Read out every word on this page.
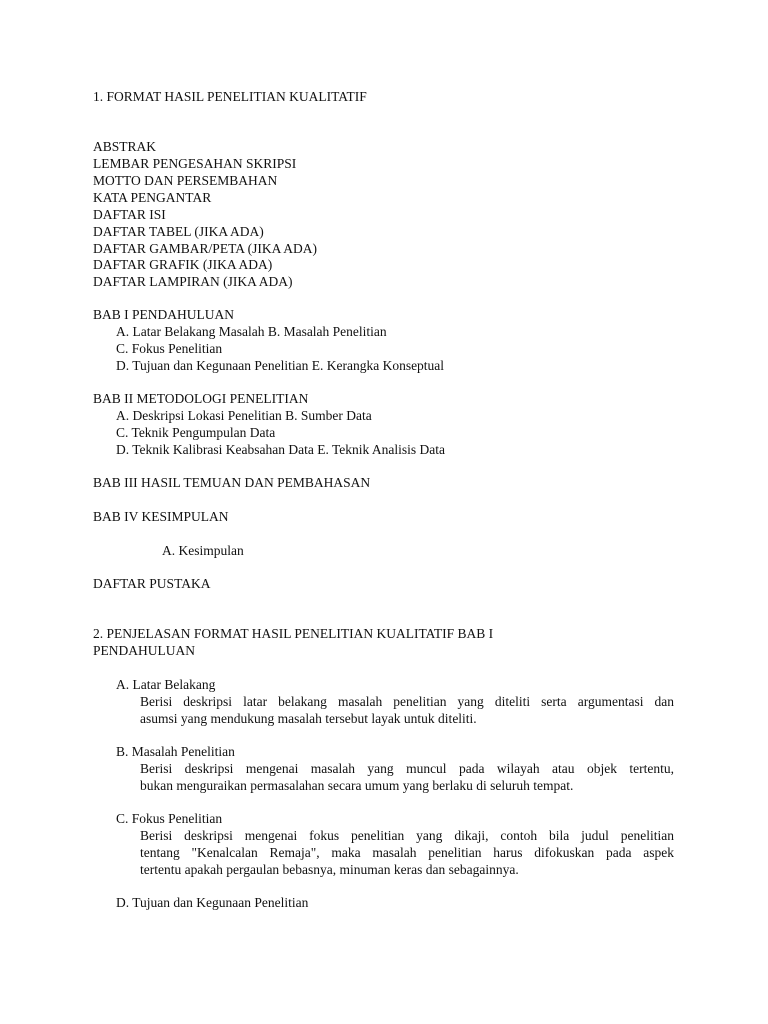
1. FORMAT HASIL PENELITIAN KUALITATIF
ABSTRAK
LEMBAR PENGESAHAN SKRIPSI
MOTTO DAN PERSEMBAHAN
KATA PENGANTAR
DAFTAR ISI
DAFTAR TABEL (JIKA ADA)
DAFTAR GAMBAR/PETA (JIKA ADA)
DAFTAR GRAFIK (JIKA ADA)
DAFTAR LAMPIRAN (JIKA ADA)
BAB I PENDAHULUAN
A. Latar Belakang Masalah B. Masalah Penelitian
C. Fokus Penelitian
D. Tujuan dan Kegunaan Penelitian E. Kerangka Konseptual
BAB II METODOLOGI PENELITIAN
A. Deskripsi Lokasi Penelitian B. Sumber Data
C. Teknik Pengumpulan Data
D. Teknik Kalibrasi Keabsahan Data E. Teknik Analisis Data
BAB III HASIL TEMUAN DAN PEMBAHASAN
BAB IV KESIMPULAN
A. Kesimpulan
DAFTAR PUSTAKA
2. PENJELASAN FORMAT HASIL PENELITIAN KUALITATIF BAB I
PENDAHULUAN
A. Latar Belakang
Berisi deskripsi latar belakang masalah penelitian yang diteliti serta argumentasi dan
asumsi yang mendukung masalah tersebut layak untuk diteliti.
B. Masalah Penelitian
Berisi deskripsi mengenai masalah yang muncul pada wilayah atau objek tertentu,
bukan menguraikan permasalahan secara umum yang berlaku di seluruh tempat.
C. Fokus Penelitian
Berisi deskripsi mengenai fokus penelitian yang dikaji, contoh bila judul penelitian
tentang "Kenalcalan Remaja", maka masalah penelitian harus difokuskan pada aspek
tertentu apakah pergaulan bebasnya, minuman keras dan sebagainnya.
D. Tujuan dan Kegunaan Penelitian
